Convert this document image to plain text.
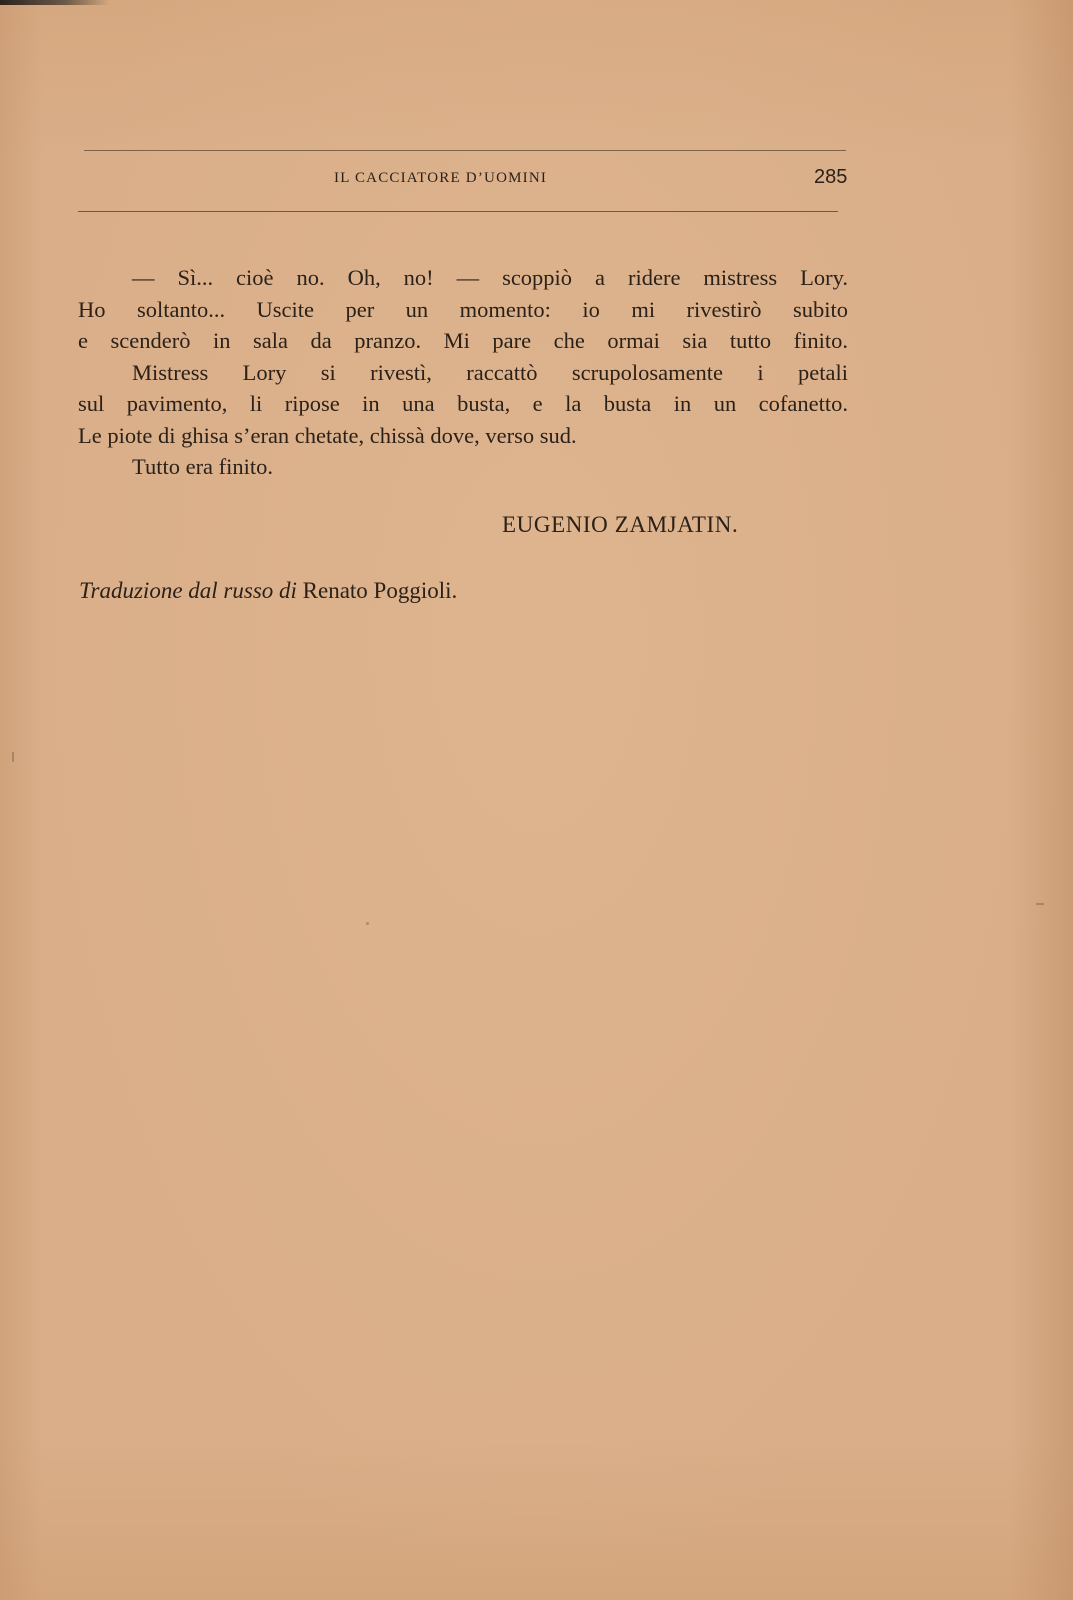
IL CACCIATORE D’UOMINI	285
— Sì... cioè no. Oh, no! — scoppiò a ridere mistress Lory.
Ho soltanto... Uscite per un momento: io mi rivestirò subito
e scenderò in sala da pranzo. Mi pare che ormai sia tutto finito.
Mistress Lory si rivestì, raccattò scrupolosamente i petali
sul pavimento, li ripose in una busta, e la busta in un cofanetto.
Le piote di ghisa s’eran chetate, chissà dove, verso sud.
Tutto era finito.
EUGENIO ZAMJATIN.
Traduzione dal russo di Renato Poggioli.
